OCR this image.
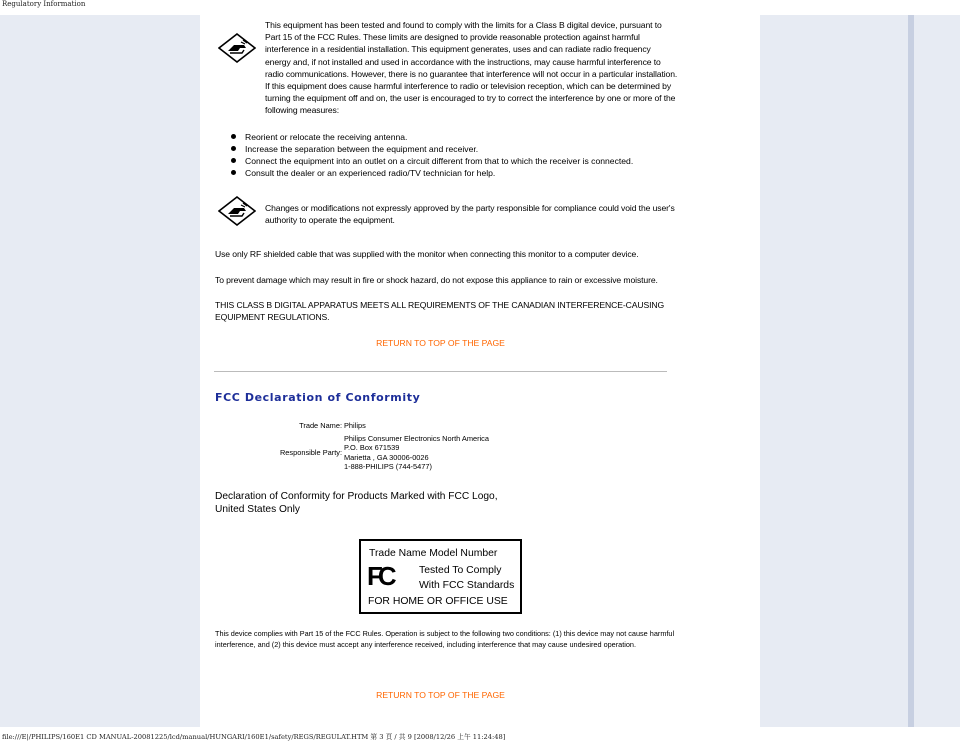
Regulatory Information
This equipment has been tested and found to comply with the limits for a Class B digital device, pursuant to
Part 15 of the FCC Rules. These limits are designed to provide reasonable protection against harmful
interference in a residential installation. This equipment generates, uses and can radiate radio frequency
energy and, if not installed and used in accordance with the instructions, may cause harmful interference to
radio communications. However, there is no guarantee that interference will not occur in a particular installation.
If this equipment does cause harmful interference to radio or television reception, which can be determined by
turning the equipment off and on, the user is encouraged to try to correct the interference by one or more of the
following measures:
Reorient or relocate the receiving antenna.
Increase the separation between the equipment and receiver.
Connect the equipment into an outlet on a circuit different from that to which the receiver is connected.
Consult the dealer or an experienced radio/TV technician for help.
Changes or modifications not expressly approved by the party responsible for compliance could void the user's
authority to operate the equipment.
Use only RF shielded cable that was supplied with the monitor when connecting this monitor to a computer device.
To prevent damage which may result in fire or shock hazard, do not expose this appliance to rain or excessive moisture.
THIS CLASS B DIGITAL APPARATUS MEETS ALL REQUIREMENTS OF THE CANADIAN INTERFERENCE-CAUSING
EQUIPMENT REGULATIONS.
RETURN TO TOP OF THE PAGE
FCC Declaration of Conformity
Trade Name: Philips
Responsible Party:
Philips Consumer Electronics North America
P.O. Box 671539
Marietta , GA 30006-0026
1-888-PHILIPS (744-5477)
Declaration of Conformity for Products Marked with FCC Logo,
United States Only
Trade Name Model Number
Tested To Comply
With FCC Standards
FOR HOME OR OFFICE USE
FC
This device complies with Part 15 of the FCC Rules. Operation is subject to the following two conditions: (1) this device may not cause harmful
interference, and (2) this device must accept any interference received, including interference that may cause undesired operation.
RETURN TO TOP OF THE PAGE
file:///E|/PHILIPS/160E1 CD MANUAL-20081225/lcd/manual/HUNGARI/160E1/safety/REGS/REGULAT.HTM 第 3 頁 / 共 9 [2008/12/26 上午 11:24:48]
